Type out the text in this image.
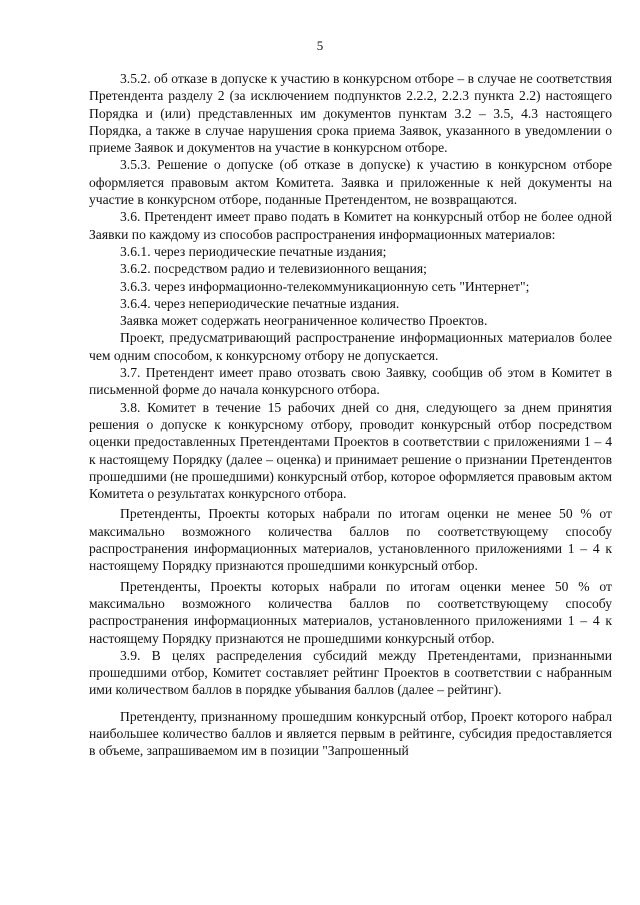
5

3.5.2. об отказе в допуске к участию в конкурсном отборе – в случае не соответствия Претендента разделу 2 (за исключением подпунктов 2.2.2, 2.2.3 пункта 2.2) настоящего Порядка и (или) представленных им документов пунктам 3.2 – 3.5, 4.3 настоящего Порядка, а также в случае нарушения срока приема Заявок, указанного в уведомлении о приеме Заявок и документов на участие в конкурсном отборе.

3.5.3. Решение о допуске (об отказе в допуске) к участию в конкурсном отборе оформляется правовым актом Комитета. Заявка и приложенные к ней документы на участие в конкурсном отборе, поданные Претендентом, не возвращаются.

3.6. Претендент имеет право подать в Комитет на конкурсный отбор не более одной Заявки по каждому из способов распространения информационных материалов:

3.6.1. через периодические печатные издания;

3.6.2. посредством радио и телевизионного вещания;

3.6.3. через информационно-телекоммуникационную сеть "Интернет";

3.6.4. через непериодические печатные издания.

Заявка может содержать неограниченное количество Проектов.

Проект, предусматривающий распространение информационных материалов более чем одним способом, к конкурсному отбору не допускается.

3.7. Претендент имеет право отозвать свою Заявку, сообщив об этом в Комитет в письменной форме до начала конкурсного отбора.

3.8. Комитет в течение 15 рабочих дней со дня, следующего за днем принятия решения о допуске к конкурсному отбору, проводит конкурсный отбор посредством оценки предоставленных Претендентами Проектов в соответствии с приложениями 1 – 4 к настоящему Порядку (далее – оценка) и принимает решение о признании Претендентов прошедшими (не прошедшими) конкурсный отбор, которое оформляется правовым актом Комитета о результатах конкурсного отбора.

Претенденты, Проекты которых набрали по итогам оценки не менее 50 % от максимально возможного количества баллов по соответствующему способу распространения информационных материалов, установленного приложениями 1 – 4 к настоящему Порядку признаются прошедшими конкурсный отбор.

Претенденты, Проекты которых набрали по итогам оценки менее 50 % от максимально возможного количества баллов по соответствующему способу распространения информационных материалов, установленного приложениями 1 – 4 к настоящему Порядку признаются не прошедшими конкурсный отбор.

3.9. В целях распределения субсидий между Претендентами, признанными прошедшими отбор, Комитет составляет рейтинг Проектов в соответствии с набранным ими количеством баллов в порядке убывания баллов (далее – рейтинг).

Претенденту, признанному прошедшим конкурсный отбор, Проект которого набрал наибольшее количество баллов и является первым в рейтинге, субсидия предоставляется в объеме, запрашиваемом им в позиции "Запрошенный
